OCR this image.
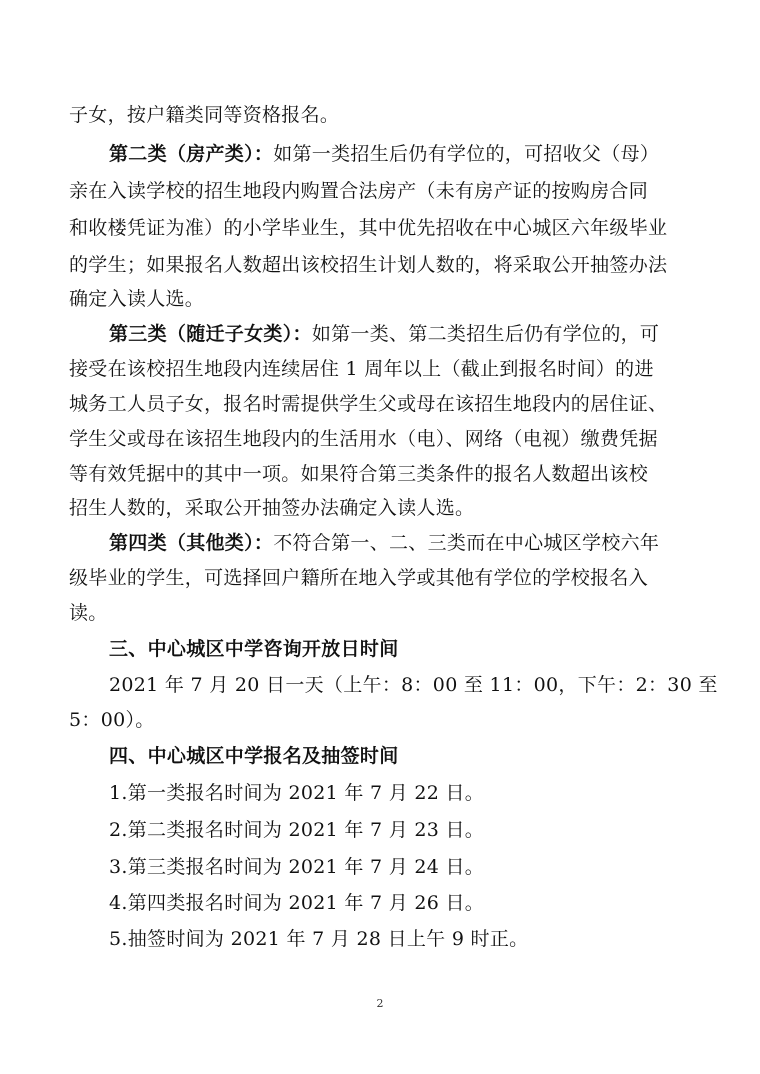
子女，按户籍类同等资格报名。
第二类（房产类）：如第一类招生后仍有学位的，可招收父（母）
亲在入读学校的招生地段内购置合法房产（未有房产证的按购房合同
和收楼凭证为准）的小学毕业生，其中优先招收在中心城区六年级毕业
的学生；如果报名人数超出该校招生计划人数的，将采取公开抽签办法
确定入读人选。
第三类（随迁子女类）：如第一类、第二类招生后仍有学位的，可
接受在该校招生地段内连续居住 1 周年以上（截止到报名时间）的进
城务工人员子女，报名时需提供学生父或母在该招生地段内的居住证、
学生父或母在该招生地段内的生活用水（电）、网络（电视）缴费凭据
等有效凭据中的其中一项。如果符合第三类条件的报名人数超出该校
招生人数的，采取公开抽签办法确定入读人选。
第四类（其他类）：不符合第一、二、三类而在中心城区学校六年
级毕业的学生，可选择回户籍所在地入学或其他有学位的学校报名入
读。
三、中心城区中学咨询开放日时间
2021 年 7 月 20 日一天（上午：8：00 至 11：00，下午：2：30 至
5：00）。
四、中心城区中学报名及抽签时间
1.第一类报名时间为 2021 年 7 月 22 日。
2.第二类报名时间为 2021 年 7 月 23 日。
3.第三类报名时间为 2021 年 7 月 24 日。
4.第四类报名时间为 2021 年 7 月 26 日。
5.抽签时间为 2021 年 7 月 28 日上午 9 时正。
2
